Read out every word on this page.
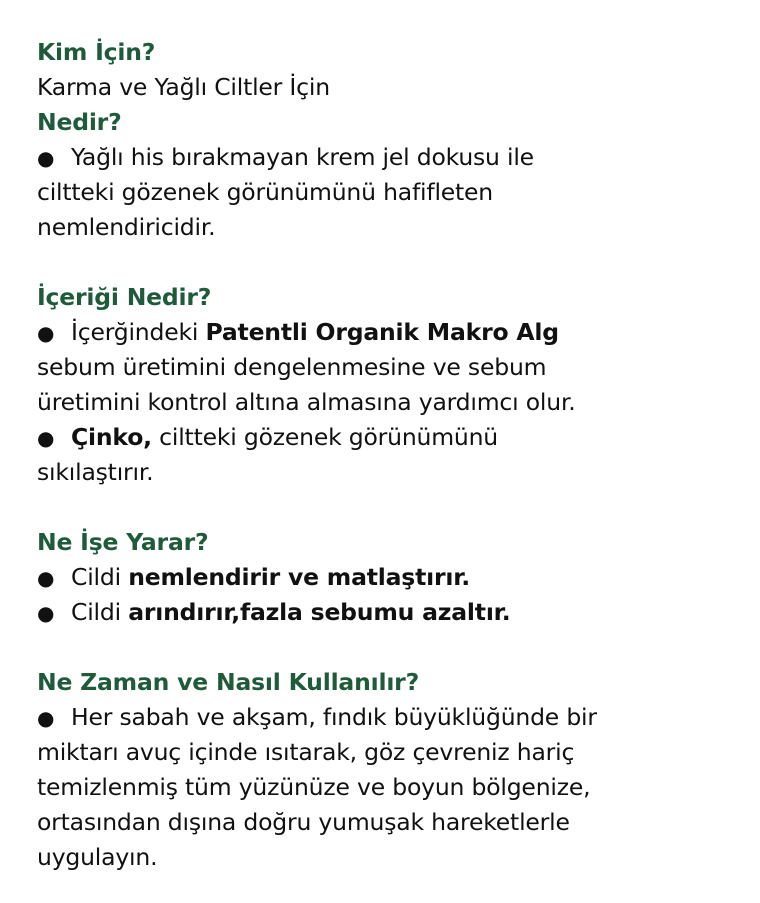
Kim İçin?
Karma ve Yağlı Ciltler İçin
Nedir?
● Yağlı his bırakmayan krem jel dokusu ile
ciltteki gözenek görünümünü hafifleten
nemlendiricidir.
İçeriği Nedir?
● İçerğindeki Patentli Organik Makro Alg
sebum üretimini dengelenmesine ve sebum
üretimini kontrol altına almasına yardımcı olur.
● Çinko, ciltteki gözenek görünümünü
sıkılaştırır.
Ne İşe Yarar?
● Cildi nemlendirir ve matlaştırır.
● Cildi arındırır,fazla sebumu azaltır.
Ne Zaman ve Nasıl Kullanılır?
● Her sabah ve akşam, fındık büyüklüğünde bir
miktarı avuç içinde ısıtarak, göz çevreniz hariç
temizlenmiş tüm yüzünüze ve boyun bölgenize,
ortasından dışına doğru yumuşak hareketlerle
uygulayın.
